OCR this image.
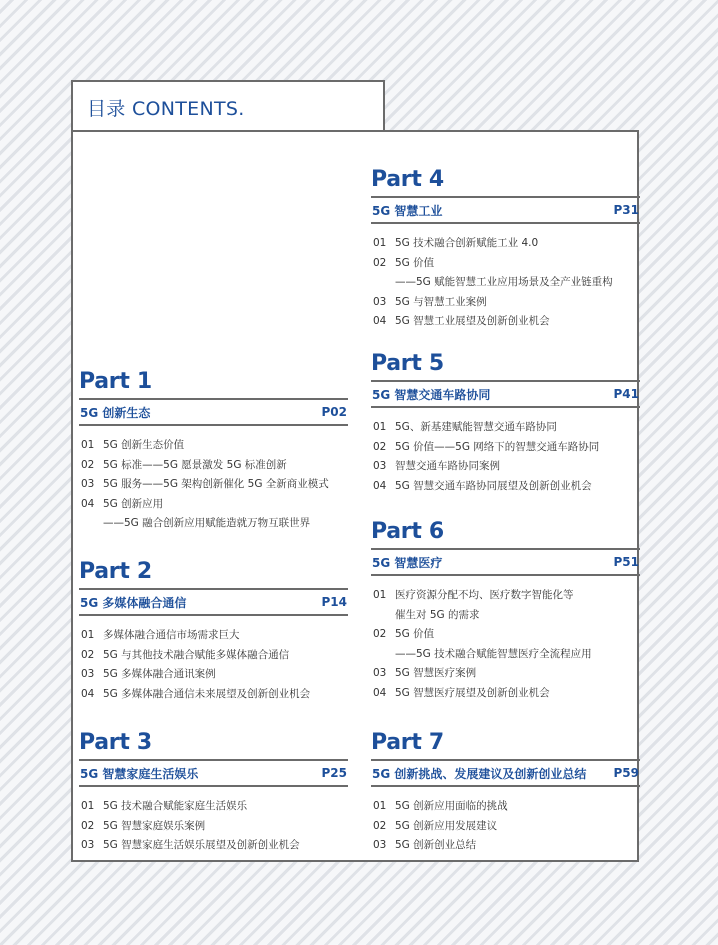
目录 CONTENTS.
Part 1
5G 创新生态	P02
01 5G 创新生态价值
02 5G 标准——5G 愿景激发 5G 标准创新
03 5G 服务——5G 架构创新催化 5G 全新商业模式
04 5G 创新应用
——5G 融合创新应用赋能造就万物互联世界
Part 2
5G 多媒体融合通信	P14
01 多媒体融合通信市场需求巨大
02 5G 与其他技术融合赋能多媒体融合通信
03 5G 多媒体融合通讯案例
04 5G 多媒体融合通信未来展望及创新创业机会
Part 3
5G 智慧家庭生活娱乐	P25
01 5G 技术融合赋能家庭生活娱乐
02 5G 智慧家庭娱乐案例
03 5G 智慧家庭生活娱乐展望及创新创业机会
Part 4
5G 智慧工业	P31
01 5G 技术融合创新赋能工业 4.0
02 5G 价值
——5G 赋能智慧工业应用场景及全产业链重构
03 5G 与智慧工业案例
04 5G 智慧工业展望及创新创业机会
Part 5
5G 智慧交通车路协同	P41
01 5G、新基建赋能智慧交通车路协同
02 5G 价值——5G 网络下的智慧交通车路协同
03 智慧交通车路协同案例
04 5G 智慧交通车路协同展望及创新创业机会
Part 6
5G 智慧医疗	P51
01 医疗资源分配不均、医疗数字智能化等
催生对 5G 的需求
02 5G 价值
——5G 技术融合赋能智慧医疗全流程应用
03 5G 智慧医疗案例
04 5G 智慧医疗展望及创新创业机会
Part 7
5G 创新挑战、发展建议及创新创业总结 P59
01 5G 创新应用面临的挑战
02 5G 创新应用发展建议
03 5G 创新创业总结
